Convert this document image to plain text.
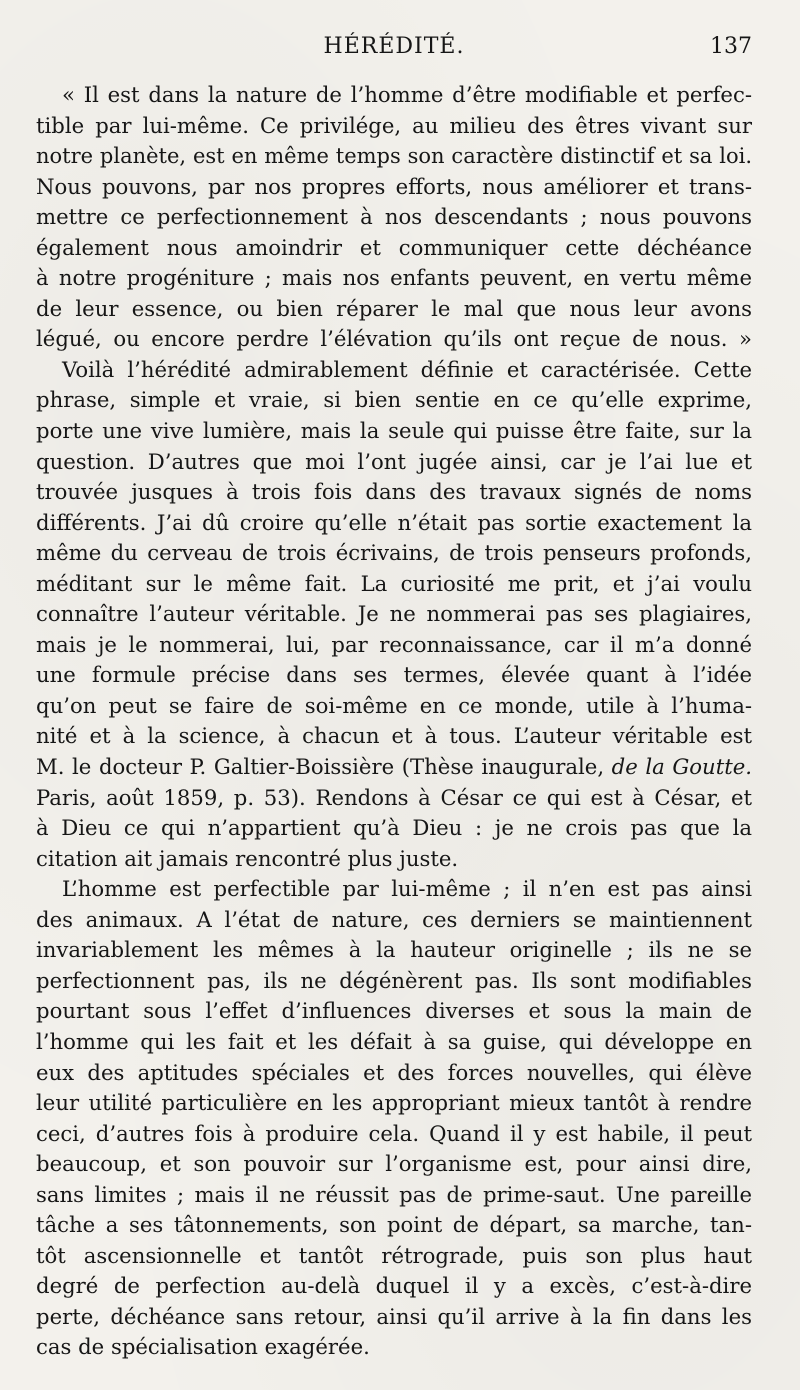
HÉRÉDITÉ.	137
« Il est dans la nature de l’homme d’être modifiable et perfec-
tible par lui-même. Ce privilége, au milieu des êtres vivant sur
notre planète, est en même temps son caractère distinctif et sa loi.
Nous pouvons, par nos propres efforts, nous améliorer et trans-
mettre ce perfectionnement à nos descendants ; nous pouvons
également nous amoindrir et communiquer cette déchéance
à notre progéniture ; mais nos enfants peuvent, en vertu même
de leur essence, ou bien réparer le mal que nous leur avons
légué, ou encore perdre l’élévation qu’ils ont reçue de nous. »
Voilà l’hérédité admirablement définie et caractérisée. Cette
phrase, simple et vraie, si bien sentie en ce qu’elle exprime,
porte une vive lumière, mais la seule qui puisse être faite, sur la
question. D’autres que moi l’ont jugée ainsi, car je l’ai lue et
trouvée jusques à trois fois dans des travaux signés de noms
différents. J’ai dû croire qu’elle n’était pas sortie exactement la
même du cerveau de trois écrivains, de trois penseurs profonds,
méditant sur le même fait. La curiosité me prit, et j’ai voulu
connaître l’auteur véritable. Je ne nommerai pas ses plagiaires,
mais je le nommerai, lui, par reconnaissance, car il m’a donné
une formule précise dans ses termes, élevée quant à l’idée
qu’on peut se faire de soi-même en ce monde, utile à l’huma-
nité et à la science, à chacun et à tous. L’auteur véritable est
M. le docteur P. Galtier-Boissière (Thèse inaugurale, de la Goutte.
Paris, août 1859, p. 53). Rendons à César ce qui est à César, et
à Dieu ce qui n’appartient qu’à Dieu : je ne crois pas que la
citation ait jamais rencontré plus juste.
L’homme est perfectible par lui-même ; il n’en est pas ainsi
des animaux. A l’état de nature, ces derniers se maintiennent
invariablement les mêmes à la hauteur originelle ; ils ne se
perfectionnent pas, ils ne dégénèrent pas. Ils sont modifiables
pourtant sous l’effet d’influences diverses et sous la main de
l’homme qui les fait et les défait à sa guise, qui développe en
eux des aptitudes spéciales et des forces nouvelles, qui élève
leur utilité particulière en les appropriant mieux tantôt à rendre
ceci, d’autres fois à produire cela. Quand il y est habile, il peut
beaucoup, et son pouvoir sur l’organisme est, pour ainsi dire,
sans limites ; mais il ne réussit pas de prime-saut. Une pareille
tâche a ses tâtonnements, son point de départ, sa marche, tan-
tôt ascensionnelle et tantôt rétrograde, puis son plus haut
degré de perfection au-delà duquel il y a excès, c’est-à-dire
perte, déchéance sans retour, ainsi qu’il arrive à la fin dans les
cas de spécialisation exagérée.
